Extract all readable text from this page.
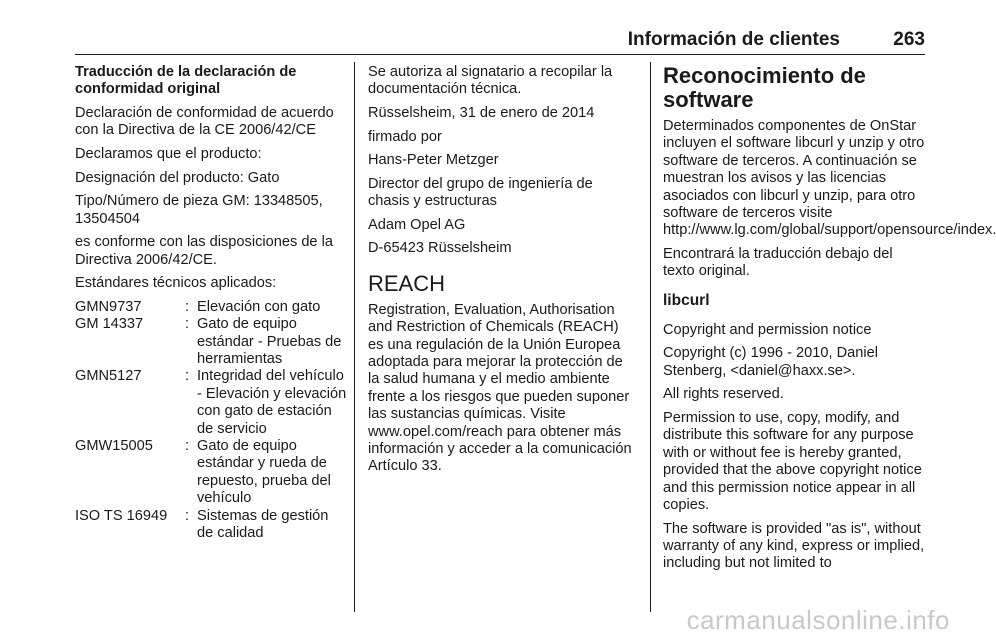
Información de clientes	263

Traducción de la declaración de conformidad original

Declaración de conformidad de acuerdo con la Directiva de la CE 2006/42/CE

Declaramos que el producto:

Designación del producto: Gato

Tipo/Número de pieza GM: 13348505, 13504504

es conforme con las disposiciones de la Directiva 2006/42/CE.

Estándares técnicos aplicados:

GMN9737	:	Elevación con gato
GM 14337	:	Gato de equipo estándar - Pruebas de herramientas
GMN5127	:	Integridad del vehículo - Elevación y elevación con gato de estación de servicio
GMW15005	:	Gato de equipo estándar y rueda de repuesto, prueba del vehículo
ISO TS 16949	:	Sistemas de gestión de calidad

Se autoriza al signatario a recopilar la documentación técnica.

Rüsselsheim, 31 de enero de 2014

firmado por

Hans-Peter Metzger

Director del grupo de ingeniería de chasis y estructuras

Adam Opel AG

D-65423 Rüsselsheim

REACH

Registration, Evaluation, Authorisation and Restriction of Chemicals (REACH) es una regulación de la Unión Europea adoptada para mejorar la protección de la salud humana y el medio ambiente frente a los riesgos que pueden suponer las sustancias químicas. Visite www.opel.com/reach para obtener más información y acceder a la comunicación Artículo 33.

Reconocimiento de software

Determinados componentes de OnStar incluyen el software libcurl y unzip y otro software de terceros. A continuación se muestran los avisos y las licencias asociados con libcurl y unzip, para otro software de terceros visite http://www.lg.com/global/support/opensource/index.

Encontrará la traducción debajo del texto original.

libcurl

Copyright and permission notice

Copyright (c) 1996 - 2010, Daniel Stenberg, <daniel@haxx.se>.

All rights reserved.

Permission to use, copy, modify, and distribute this software for any purpose with or without fee is hereby granted, provided that the above copyright notice and this permission notice appear in all copies.

The software is provided "as is", without warranty of any kind, express or implied, including but not limited to

carmanualsonline.info
